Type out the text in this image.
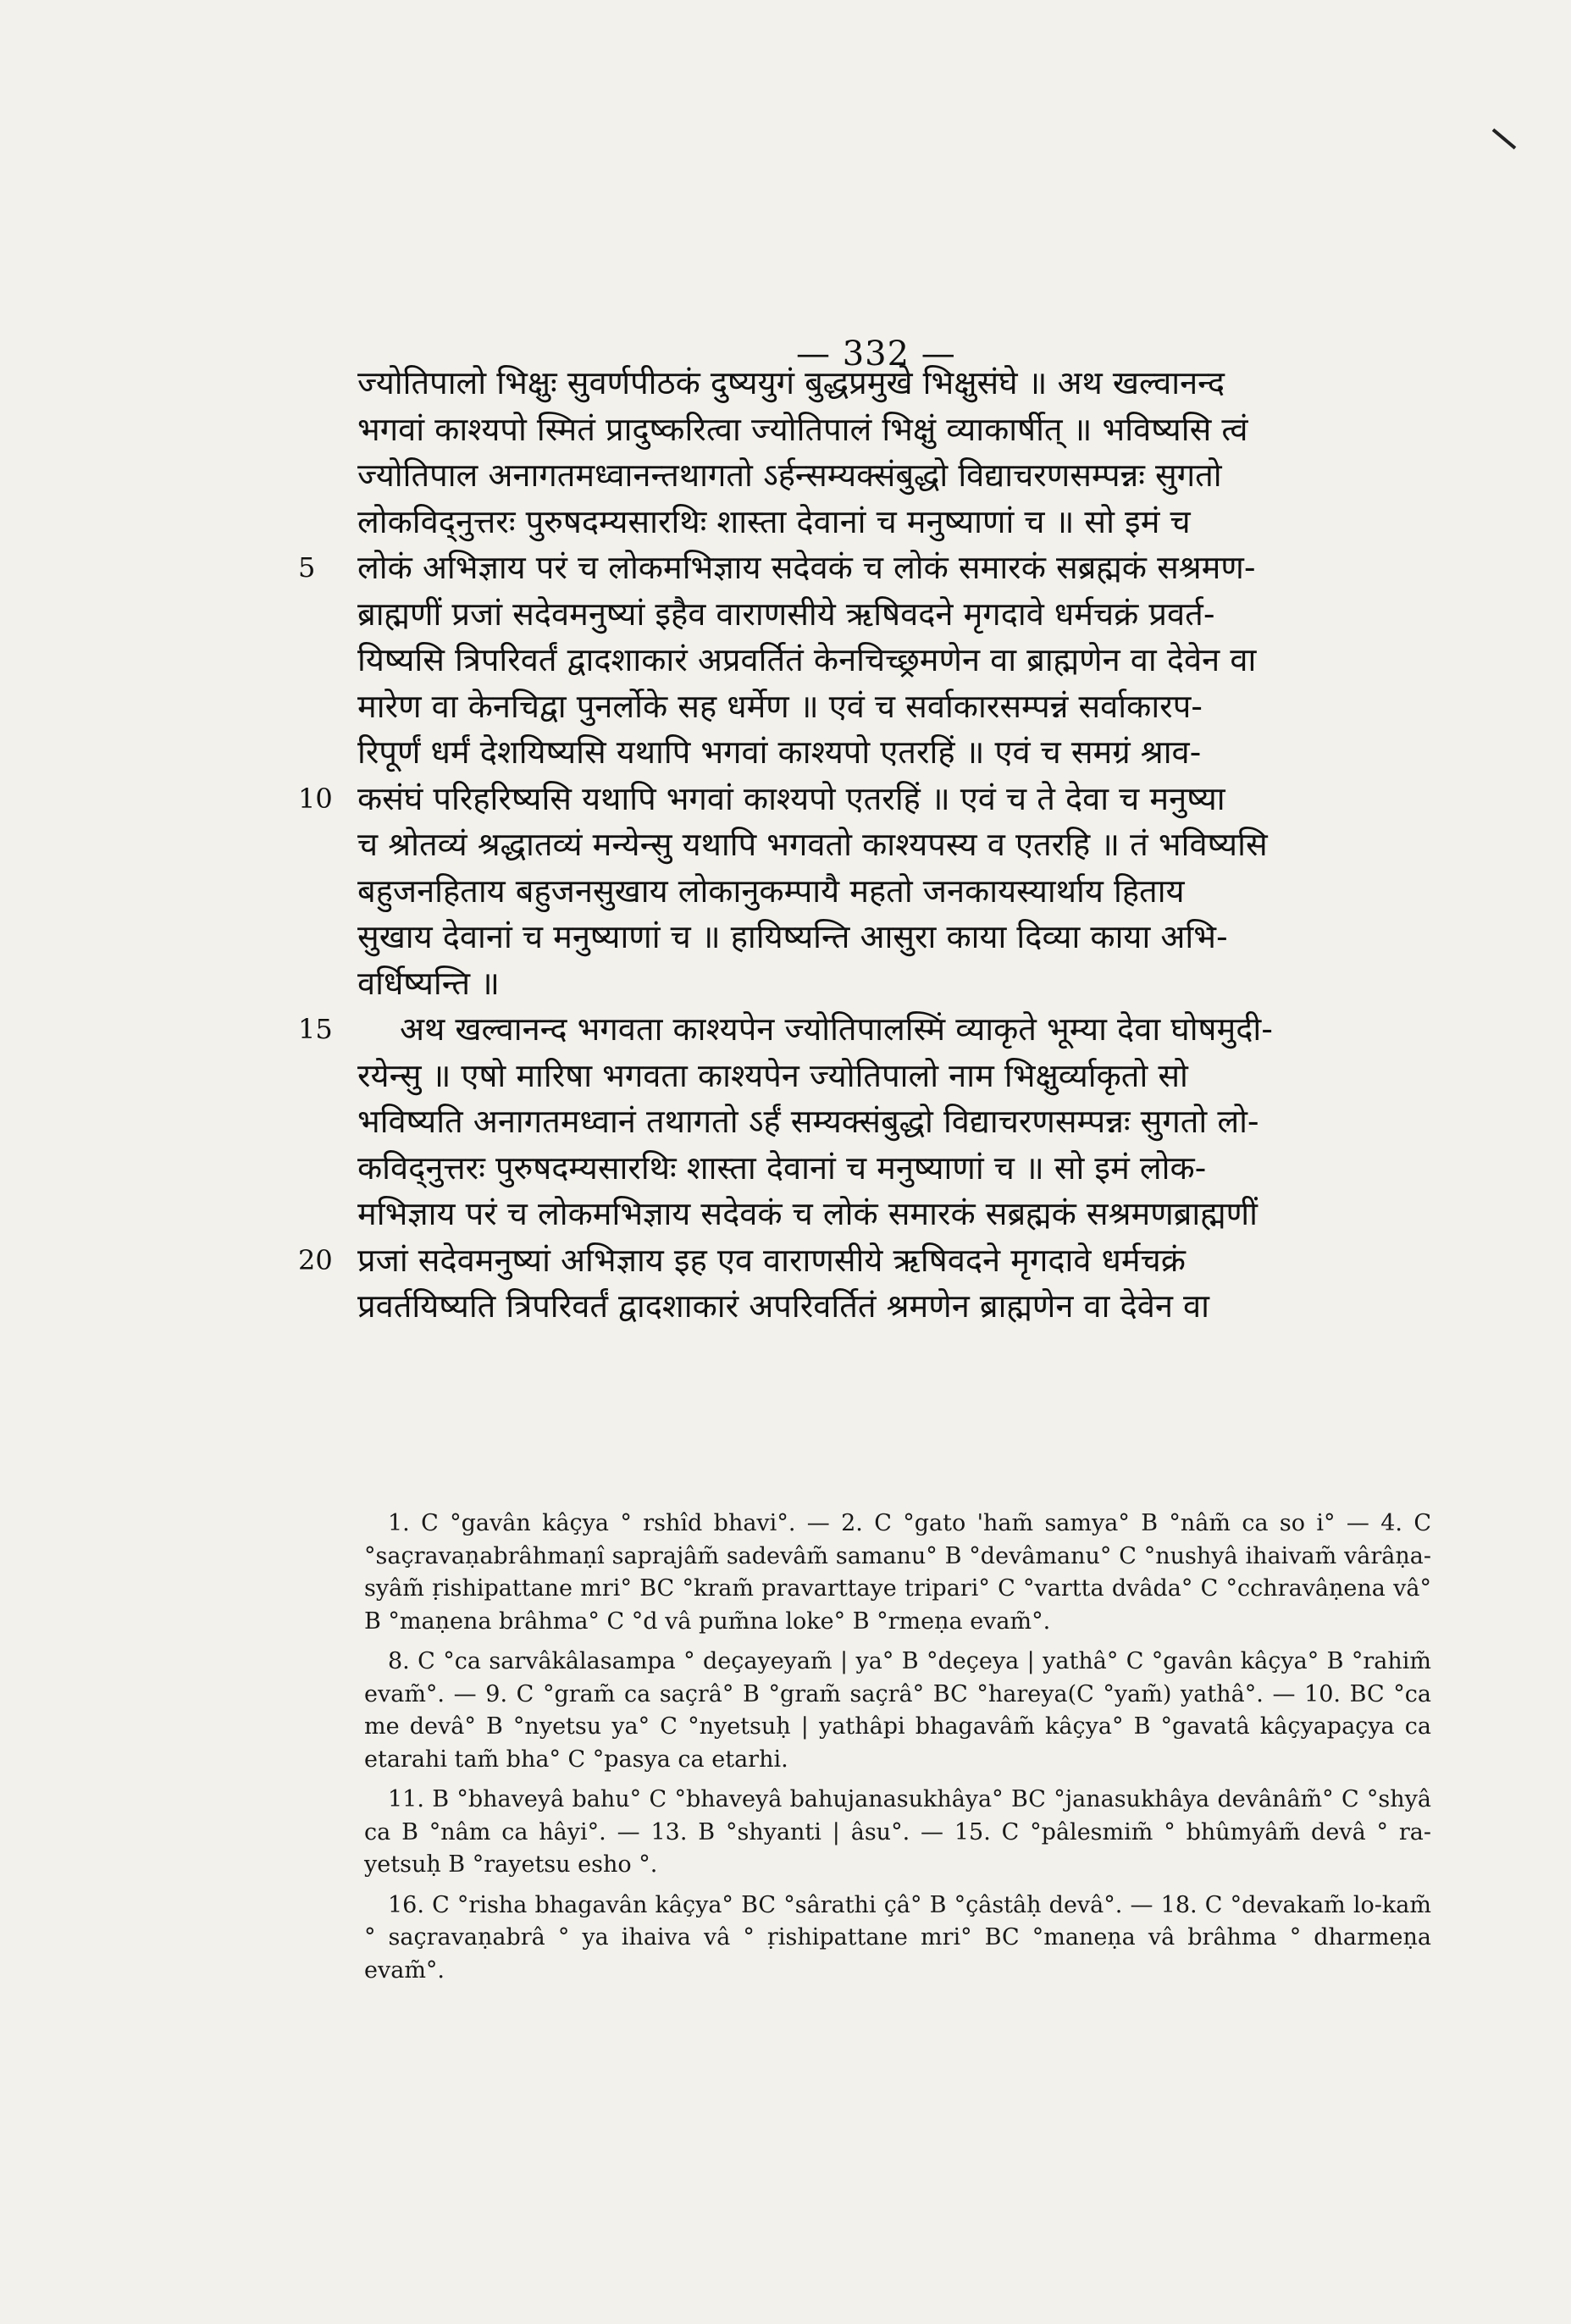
— 332 —
ज्योतिपालो भिक्षुः सुवर्णपीठकं दुष्ययुगं बुद्धप्रमुखे भिक्षुसंघे ॥ अथ खल्वानन्द
भगवां काश्यपो स्मितं प्रादुष्करित्वा ज्योतिपालं भिक्षुं व्याकार्षीत् ॥ भविष्यसि त्वं
ज्योतिपाल अनागतमध्वानन्तथागतो ऽर्हन्सम्यक्संबुद्धो विद्याचरणसम्पन्नः सुगतो
लोकविद्नुत्तरः पुरुषदम्यसारथिः शास्ता देवानां च मनुष्याणां च ॥ सो इमं च
5	लोकं अभिज्ञाय परं च लोकमभिज्ञाय सदेवकं च लोकं समारकं सब्रह्मकं सश्रमण-
ब्राह्मणीं प्रजां सदेवमनुष्यां इहैव वाराणसीये ऋषिवदने मृगदावे धर्मचक्रं प्रवर्त-
यिष्यसि त्रिपरिवर्तं द्वादशाकारं अप्रवर्तितं केनचिच्छ्रमणेन वा ब्राह्मणेन वा देवेन वा
मारेण वा केनचिद्वा पुनर्लोके सह धर्मेण ॥ एवं च सर्वाकारसम्पन्नं सर्वाकारप-
रिपूर्णं धर्मं देशयिष्यसि यथापि भगवां काश्यपो एतरहिं ॥ एवं च समग्रं श्राव-
10 कसंघं परिहरिष्यसि यथापि भगवां काश्यपो एतरहिं ॥ एवं च ते देवा च मनुष्या
च श्रोतव्यं श्रद्धातव्यं मन्येन्सु यथापि भगवतो काश्यपस्य व एतरहि ॥ तं भविष्यसि
बहुजनहिताय बहुजनसुखाय लोकानुकम्पायै महतो जनकायस्यार्थाय हिताय
सुखाय देवानां च मनुष्याणां च ॥ हायिष्यन्ति आसुरा काया दिव्या काया अभि-
वर्धिष्यन्ति ॥
15	अथ खल्वानन्द भगवता काश्यपेन ज्योतिपालस्मिं व्याकृते भूम्या देवा घोषमुदी-
रयेन्सु ॥ एषो मारिषा भगवता काश्यपेन ज्योतिपालो नाम भिक्षुर्व्याकृतो सो
भविष्यति अनागतमध्वानं तथागतो ऽर्हं सम्यक्संबुद्धो विद्याचरणसम्पन्नः सुगतो लो-
कविद्नुत्तरः पुरुषदम्यसारथिः शास्ता देवानां च मनुष्याणां च ॥ सो इमं लोक-
मभिज्ञाय परं च लोकमभिज्ञाय सदेवकं च लोकं समारकं सब्रह्मकं सश्रमणब्राह्मणीं
20 प्रजां सदेवमनुष्यां अभिज्ञाय इह एव वाराणसीये ऋषिवदने मृगदावे धर्मचक्रं
प्रवर्तयिष्यति त्रिपरिवर्तं द्वादशाकारं अपरिवर्तितं श्रमणेन ब्राह्मणेन वा देवेन वा

1. C °gavân kâçya ° rshîd bhavi°. — 2. C °gato 'ham̃ samya° B °nâm̃ ca so i° — 4. C °saçravaṇabrâhmaṇî saprajâm̃ sadevâm̃ samanu° B °devâmanu° C °nushyâ ihaivam̃ vârâṇa-syâm̃ ṛishipattane mri° BC °kram̃ pravarttaye tripari° C °vartta dvâda° C °cchravâṇena vâ° B °maṇena brâhma° C °d vâ pum̃na loke° B °rmeṇa evam̃°.

8. C °ca sarvâkâlasampa ° deçayeyam̃ | ya° B °deçeya | yathâ° C °gavân kâçya° B °rahim̃ evam̃°. — 9. C °gram̃ ca saçrâ° B °gram̃ saçrâ° BC °hareya(C °yam̃) yathâ°. — 10. BC °ca me devâ° B °nyetsu ya° C °nyetsuḥ | yathâpi bhagavâm̃ kâçya° B °gavatâ kâçyapaçya ca etarahi tam̃ bha° C °pasya ca etarhi.

11. B °bhaveyâ bahu° C °bhaveyâ bahujanasukhâya° BC °janasukhâya devânâm̃° C °shyâ ca B °nâm ca hâyi°. — 13. B °shyanti | âsu°. — 15. C °pâlesmim̃ ° bhûmyâm̃ devâ ° ra-yetsuḥ B °rayetsu esho °.

16. C °risha bhagavân kâçya° BC °sârathi çâ° B °çâstâḥ devâ°. — 18. C °devakam̃ lo-kam̃ ° saçravaṇabrâ ° ya ihaiva vâ ° ṛishipattane mri° BC °maneṇa vâ brâhma ° dharmeṇa evam̃°.
